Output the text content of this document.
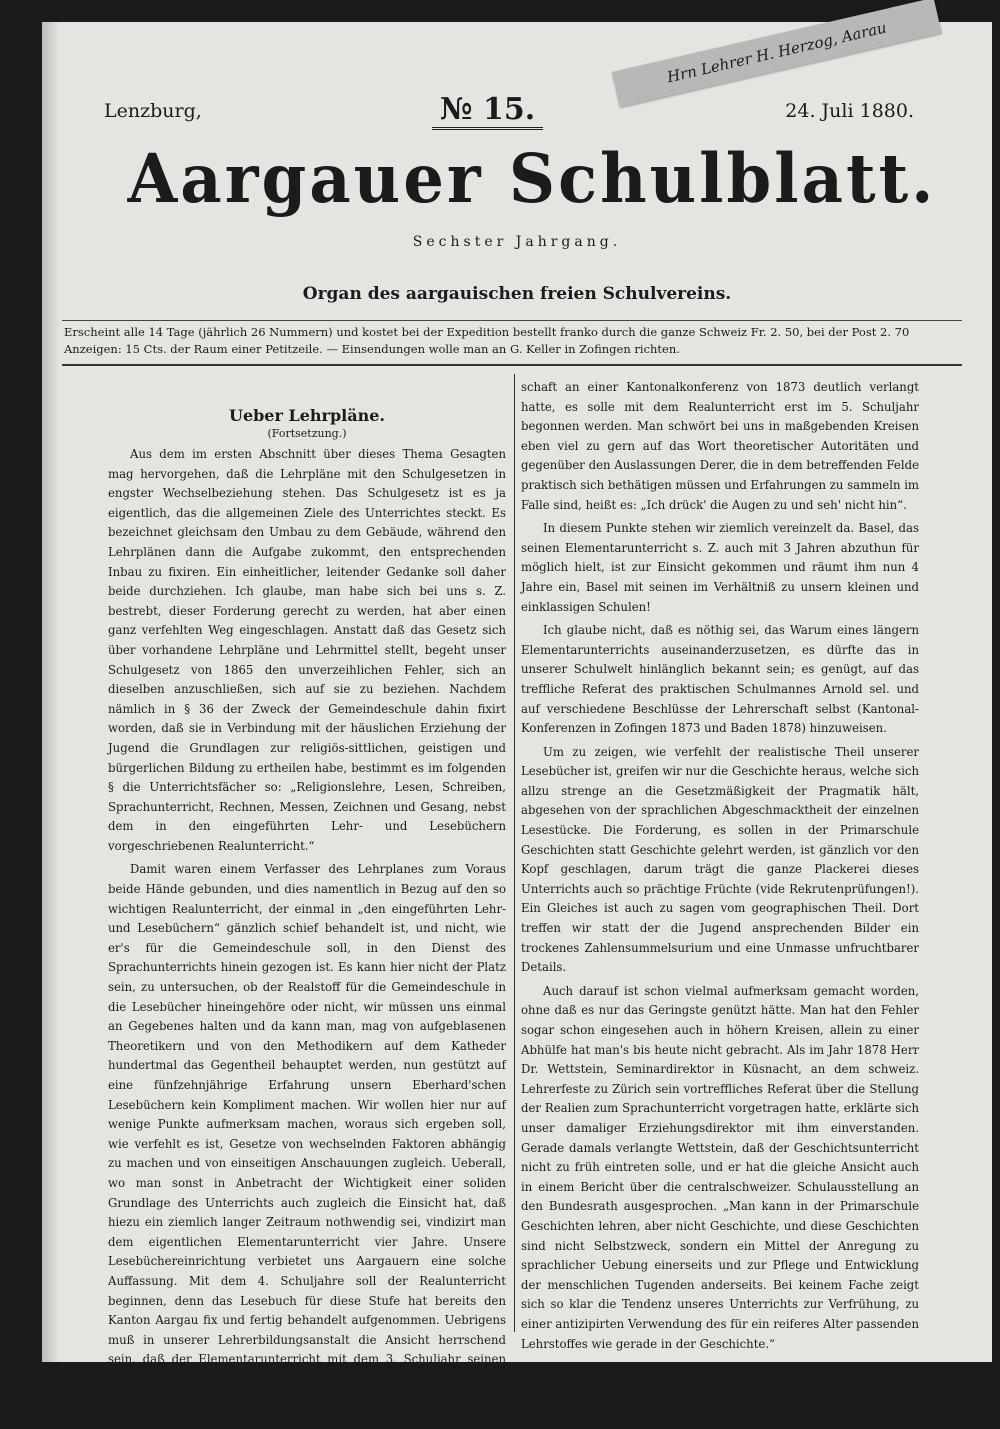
Lenzburg,	№ 15.	24. Juli 1880.
Hrn Lehrer H. Herzog, Aarau
Aargauer Schulblatt.
Sechster Jahrgang.
Organ des aargauischen freien Schulvereins.
Erscheint alle 14 Tage (jährlich 26 Nummern) und kostet bei der Expedition bestellt franko durch die ganze Schweiz Fr. 2. 50, bei der Post 2. 70
Anzeigen: 15 Cts. der Raum einer Petitzeile. — Einsendungen wolle man an G. Keller in Zofingen richten.
Ueber Lehrpläne.
(Fortsetzung.)

Aus dem im ersten Abschnitt über dieses Thema Gesagten mag hervorgehen, daß die Lehrpläne mit den Schulgesetzen in engster Wechselbeziehung stehen. Das Schulgesetz ist es ja eigentlich, das die allgemeinen Ziele des Unterrichtes steckt. Es bezeichnet gleichsam den Umbau zu dem Gebäude, während den Lehrplänen dann die Aufgabe zukommt, den entsprechenden Inbau zu fixiren. Ein einheitlicher, leitender Gedanke soll daher beide durchziehen. Ich glaube, man habe sich bei uns s. Z. bestrebt, dieser Forderung gerecht zu werden, hat aber einen ganz verfehlten Weg eingeschlagen. Anstatt daß das Gesetz sich über vorhandene Lehrpläne und Lehrmittel stellt, begeht unser Schulgesetz von 1865 den unverzeihlichen Fehler, sich an dieselben anzuschließen, sich auf sie zu beziehen. Nachdem nämlich in § 36 der Zweck der Gemeindeschule dahin fixirt worden, daß sie in Verbindung mit der häuslichen Erziehung der Jugend die Grundlagen zur religiös-sittlichen, geistigen und bürgerlichen Bildung zu ertheilen habe, bestimmt es im folgenden § die Unterrichtsfächer so: „Religionslehre, Lesen, Schreiben, Sprachunterricht, Rechnen, Messen, Zeichnen und Gesang, nebst dem in den eingeführten Lehr- und Lesebüchern vorgeschriebenen Realunterricht.“

Damit waren einem Verfasser des Lehrplanes zum Voraus beide Hände gebunden, und dies namentlich in Bezug auf den so wichtigen Realunterricht, der einmal in „den eingeführten Lehr- und Lesebüchern“ gänzlich schief behandelt ist, und nicht, wie er's für die Gemeindeschule soll, in den Dienst des Sprachunterrichts hinein gezogen ist. Es kann hier nicht der Platz sein, zu untersuchen, ob der Realstoff für die Gemeindeschule in die Lesebücher hineingehöre oder nicht, wir müssen uns einmal an Gegebenes halten und da kann man, mag von aufgeblasenen Theoretikern und von den Methodikern auf dem Katheder hundertmal das Gegentheil behauptet werden, nun gestützt auf eine fünfzehnjährige Erfahrung unsern Eberhard'schen Lesebüchern kein Kompliment machen. Wir wollen hier nur auf wenige Punkte aufmerksam machen, woraus sich ergeben soll, wie verfehlt es ist, Gesetze von wechselnden Faktoren abhängig zu machen und von einseitigen Anschauungen zugleich. Ueberall, wo man sonst in Anbetracht der Wichtigkeit einer soliden Grundlage des Unterrichts auch zugleich die Einsicht hat, daß hiezu ein ziemlich langer Zeitraum nothwendig sei, vindizirt man dem eigentlichen Elementarunterricht vier Jahre. Unsere Lesebüchereinrichtung verbietet uns Aargauern eine solche Auffassung. Mit dem 4. Schuljahre soll der Realunterricht beginnen, denn das Lesebuch für diese Stufe hat bereits den Kanton Aargau fix und fertig behandelt aufgenommen. Uebrigens muß in unserer Lehrerbildungsanstalt die Ansicht herrschend sein, daß der Elementarunterricht mit dem 3. Schuljahr seinen Abschluß finde, und man sagt sich, Eberhard sei von dort her nicht ganz unbeeinflußt geblieben. Das geschah, trotzdem die Lehrer-

schaft an einer Kantonalkonferenz von 1873 deutlich verlangt hatte, es solle mit dem Realunterricht erst im 5. Schuljahr begonnen werden. Man schwört bei uns in maßgebenden Kreisen eben viel zu gern auf das Wort theoretischer Autoritäten und gegenüber den Auslassungen Derer, die in dem betreffenden Felde praktisch sich bethätigen müssen und Erfahrungen zu sammeln im Falle sind, heißt es: „Ich drück' die Augen zu und seh' nicht hin“.

In diesem Punkte stehen wir ziemlich vereinzelt da. Basel, das seinen Elementarunterricht s. Z. auch mit 3 Jahren abzuthun für möglich hielt, ist zur Einsicht gekommen und räumt ihm nun 4 Jahre ein, Basel mit seinen im Verhältniß zu unsern kleinen und einklassigen Schulen!

Ich glaube nicht, daß es nöthig sei, das Warum eines längern Elementarunterrichts auseinanderzusetzen, es dürfte das in unserer Schulwelt hinlänglich bekannt sein; es genügt, auf das treffliche Referat des praktischen Schulmannes Arnold sel. und auf verschiedene Beschlüsse der Lehrerschaft selbst (Kantonal-Konferenzen in Zofingen 1873 und Baden 1878) hinzuweisen.

Um zu zeigen, wie verfehlt der realistische Theil unserer Lesebücher ist, greifen wir nur die Geschichte heraus, welche sich allzu strenge an die Gesetzmäßigkeit der Pragmatik hält, abgesehen von der sprachlichen Abgeschmacktheit der einzelnen Lesestücke. Die Forderung, es sollen in der Primarschule Geschichten statt Geschichte gelehrt werden, ist gänzlich vor den Kopf geschlagen, darum trägt die ganze Plackerei dieses Unterrichts auch so prächtige Früchte (vide Rekrutenprüfungen!). Ein Gleiches ist auch zu sagen vom geographischen Theil. Dort treffen wir statt der die Jugend ansprechenden Bilder ein trockenes Zahlensummelsurium und eine Unmasse unfruchtbarer Details.

Auch darauf ist schon vielmal aufmerksam gemacht worden, ohne daß es nur das Geringste genützt hätte. Man hat den Fehler sogar schon eingesehen auch in höhern Kreisen, allein zu einer Abhülfe hat man's bis heute nicht gebracht. Als im Jahr 1878 Herr Dr. Wettstein, Seminardirektor in Küsnacht, an dem schweiz. Lehrerfeste zu Zürich sein vortreffliches Referat über die Stellung der Realien zum Sprachunterricht vorgetragen hatte, erklärte sich unser damaliger Erziehungsdirektor mit ihm einverstanden. Gerade damals verlangte Wettstein, daß der Geschichtsunterricht nicht zu früh eintreten solle, und er hat die gleiche Ansicht auch in einem Bericht über die centralschweizer. Schulausstellung an den Bundesrath ausgesprochen. „Man kann in der Primarschule Geschichten lehren, aber nicht Geschichte, und diese Geschichten sind nicht Selbstzweck, sondern ein Mittel der Anregung zu sprachlicher Uebung einerseits und zur Pflege und Entwicklung der menschlichen Tugenden anderseits. Bei keinem Fache zeigt sich so klar die Tendenz unseres Unterrichts zur Verfrühung, zu einer antizipirten Verwendung des für ein reiferes Alter passenden Lehrstoffes wie gerade in der Geschichte.“
